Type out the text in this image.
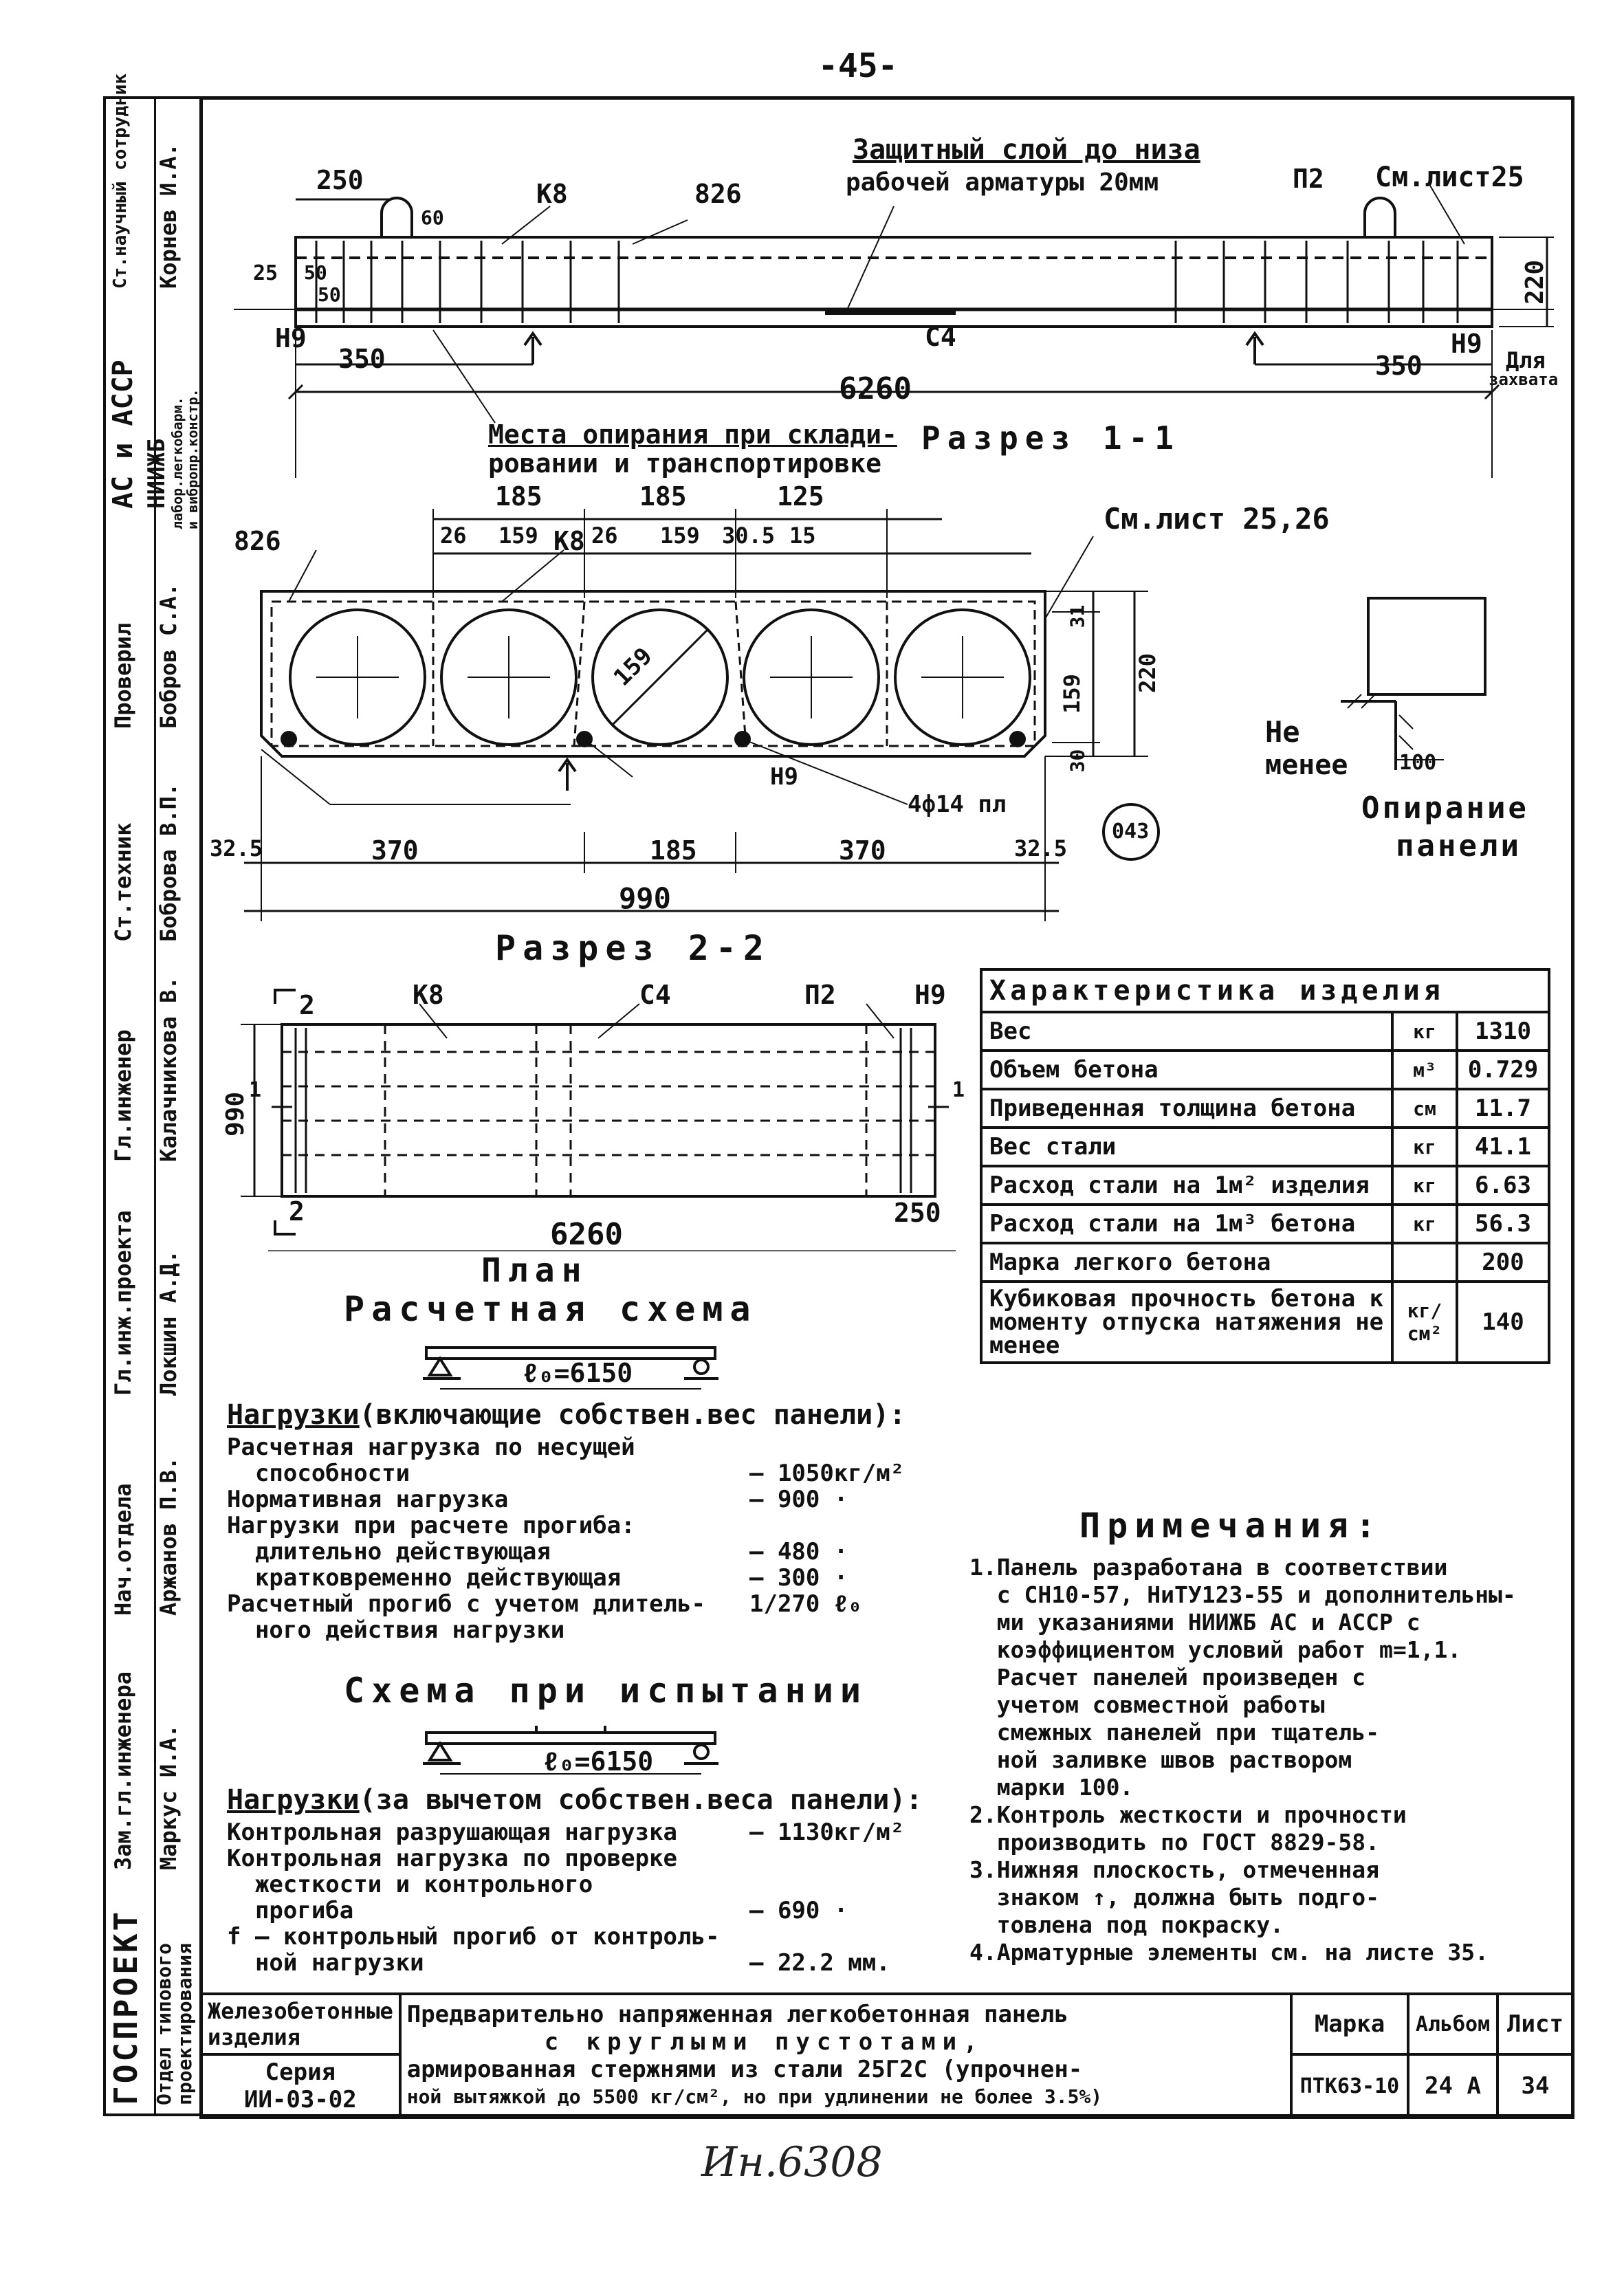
-45-
ГОСПРОЕКТ Отдел типового
проектирования
Ст.научный сотрудник Корнев И.А.
АС и АССР НИИЖБ
лабор.легкобарм.
и вибропр.констр.
Проверил Бобров С.А.
Ст.техник Боброва В.П.
Гл.инженер Калачникова В.
Гл.инж.проекта Локшин А.Д.
Нач.отдела Аржанов П.В.
Зам.гл.инженера Маркус И.А.
Защитный слой до низа
рабочей арматуры 20мм	См.лист25
250
60
К8	826	П2
25 50
50	220
Н9	Н9
С4
350	350	Для
захвата
6260
Места опирания при склади-
ровании и транспортировке
Разрез 1-1
185	185	125
26 159 26 159 30.5 15	См.лист 25,26
826	К8
159
31
159
220
30
Н9
4ф14 пл
043
32.5	370	185	370	32.5
990
Разрез 2-2
Не
менее 100
Опирание
панели
2	К8	С4	П2	Н9
990
1	1
2
6260
250
План
Расчетная схема
ℓ₀=6150
Нагрузки(включающие собствен.вес панели):
Расчетная нагрузка по несущей
способности	— 1050кг/м²
Нормативная нагрузка	— 900 ·
Нагрузки при расчете прогиба:
длительно действующая	— 480 ·
кратковременно действующая	— 300 ·
Расчетный прогиб с учетом длитель- 1/270 ℓ₀
ного действия нагрузки
Схема при испытании
ℓ₀=6150
Нагрузки(за вычетом собствен.веса панели):
Контрольная разрушающая нагрузка	— 1130кг/м²
Контрольная нагрузка по проверке
жесткости и контрольного
прогиба	— 690 ·
f — контрольный прогиб от контроль-
ной нагрузки	— 22.2 мм.
Характеристика изделия		
Вес	кг	1310
Объем бетона	м³	0.729
Приведенная толщина бетона	см	11.7
Вес стали	кг	41.1
Расход стали на 1м² изделия	кг	6.63
Расход стали на 1м³ бетона	кг	56.3
Марка легкого бетона		200
Кубиковая прочность бетона к моменту отпуска натяжения не менее	кг/см²	140
Примечания:
1.Панель разработана в соответствии
с СН10-57, НиТУ123-55 и дополнительны-
ми указаниями НИИЖБ АС и АССР с
коэффициентом условий работ m=1,1.
Расчет панелей произведен с
учетом совместной работы
смежных панелей при тщатель-
ной заливке швов раствором
марки 100.
2.Контроль жесткости и прочности
производить по ГОСТ 8829-58.
3.Нижняя плоскость, отмеченная
знаком ↑, должна быть подго-
товлена под покраску.
4.Арматурные элементы см. на листе 35.
Железобетонные изделия	Предварительно напряженная легкобетонная панель
с круглыми пустотами,
армированная стержнями из стали 25Г2С (упрочнен-
ной вытяжкой до 5500 кг/см², но при удлинении не более 3.5%)	Марка	Альбом	Лист

Серия
ИИ-03-02		ПТК63-10	24 А	34
Ин.6308
